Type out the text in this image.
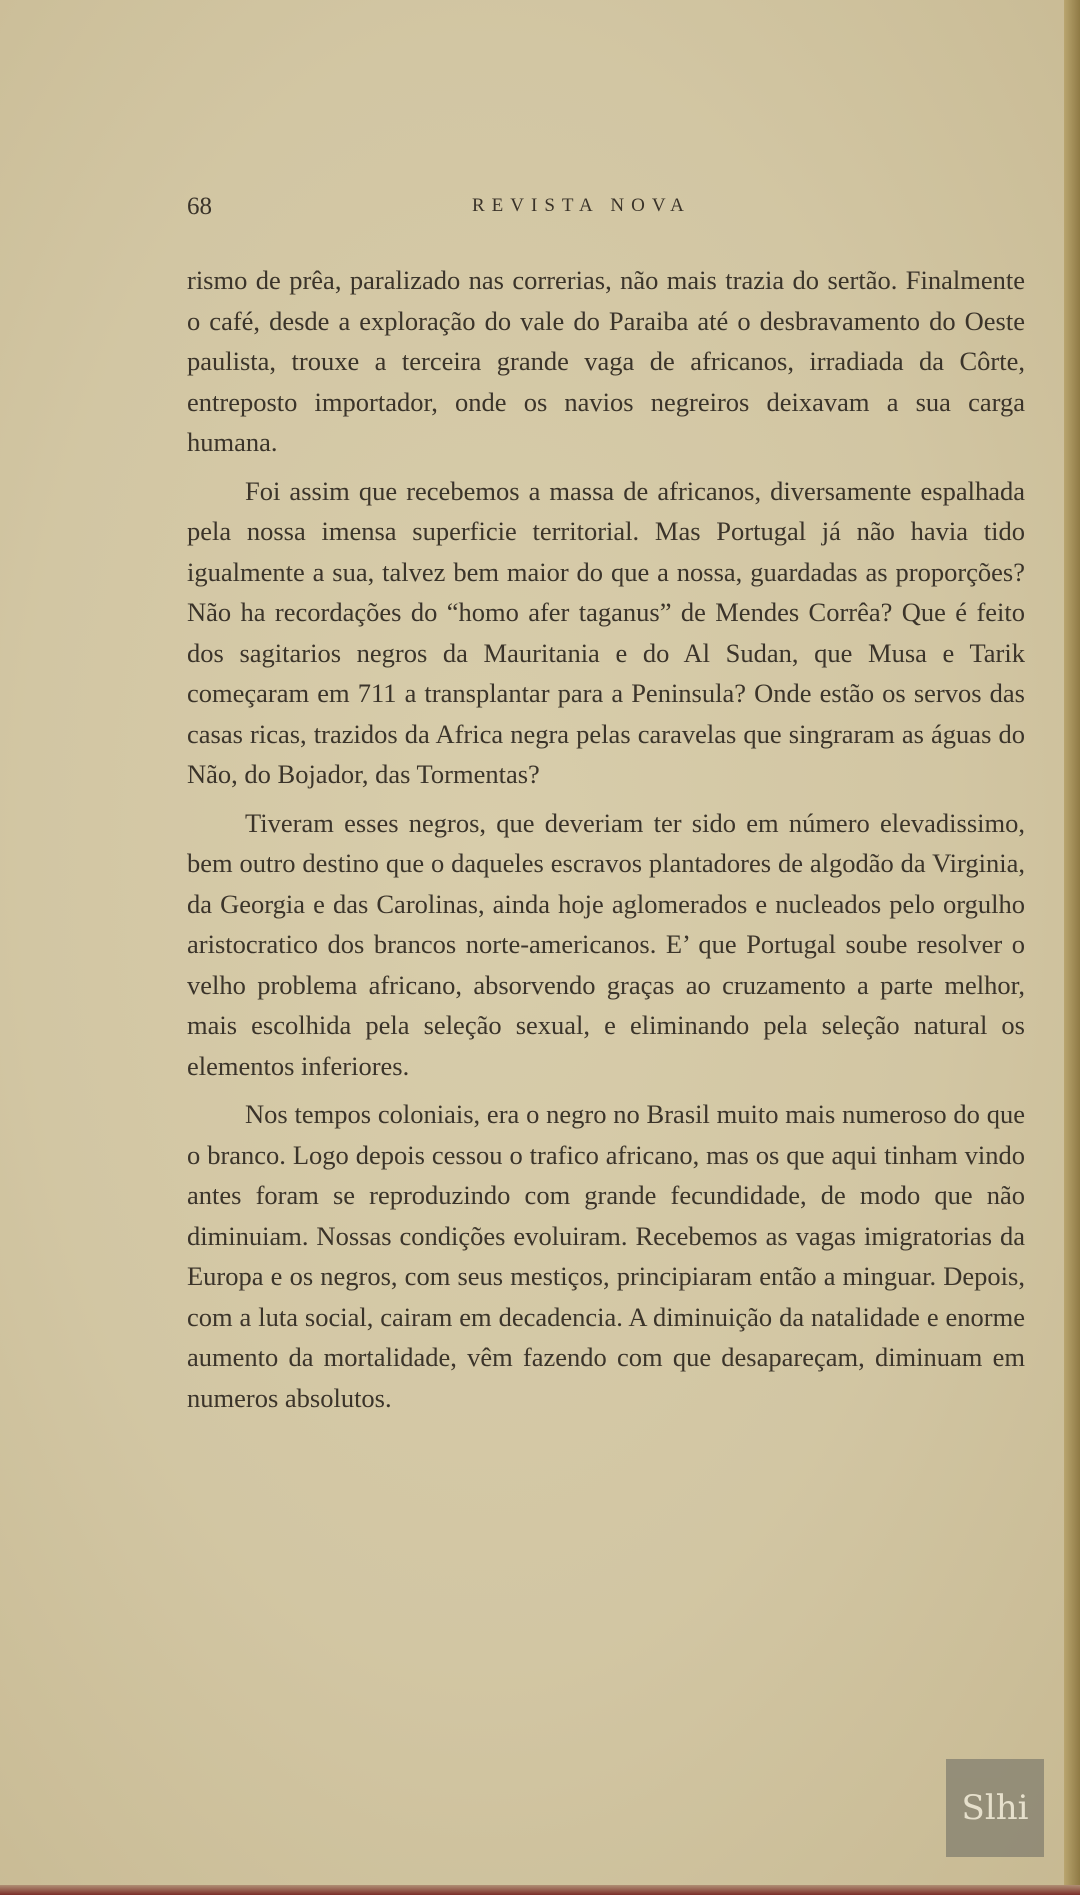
68	REVISTA NOVA

rismo de prêa, paralizado nas correrias, não mais trazia do sertão. Finalmente o café, desde a exploração do vale do Paraiba até o desbravamento do Oeste paulista, trouxe a terceira grande vaga de africanos, irradiada da Côrte, entreposto importador, onde os navios negreiros deixavam a sua carga humana.

Foi assim que recebemos a massa de africanos, diversamente espalhada pela nossa imensa superficie territorial. Mas Portugal já não havia tido igualmente a sua, talvez bem maior do que a nossa, guardadas as proporções? Não ha recordações do “homo afer taganus” de Mendes Corrêa? Que é feito dos sagitarios negros da Mauritania e do Al Sudan, que Musa e Tarik começaram em 711 a transplantar para a Peninsula? Onde estão os servos das casas ricas, trazidos da Africa negra pelas caravelas que singraram as águas do Não, do Bojador, das Tormentas?

Tiveram esses negros, que deveriam ter sido em número elevadissimo, bem outro destino que o daqueles escravos plantadores de algodão da Virginia, da Georgia e das Carolinas, ainda hoje aglomerados e nucleados pelo orgulho aristocratico dos brancos norte-americanos. E’ que Portugal soube resolver o velho problema africano, absorvendo graças ao cruzamento a parte melhor, mais escolhida pela seleção sexual, e eliminando pela seleção natural os elementos inferiores.

Nos tempos coloniais, era o negro no Brasil muito mais numeroso do que o branco. Logo depois cessou o trafico africano, mas os que aqui tinham vindo antes foram se reproduzindo com grande fecundidade, de modo que não diminuiam. Nossas condições evoluiram. Recebemos as vagas imigratorias da Europa e os negros, com seus mestiços, principiaram então a minguar. Depois, com a luta social, cairam em decadencia. A diminuição da natalidade e enorme aumento da mortalidade, vêm fazendo com que desapareçam, diminuam em numeros absolutos.

Slhi
